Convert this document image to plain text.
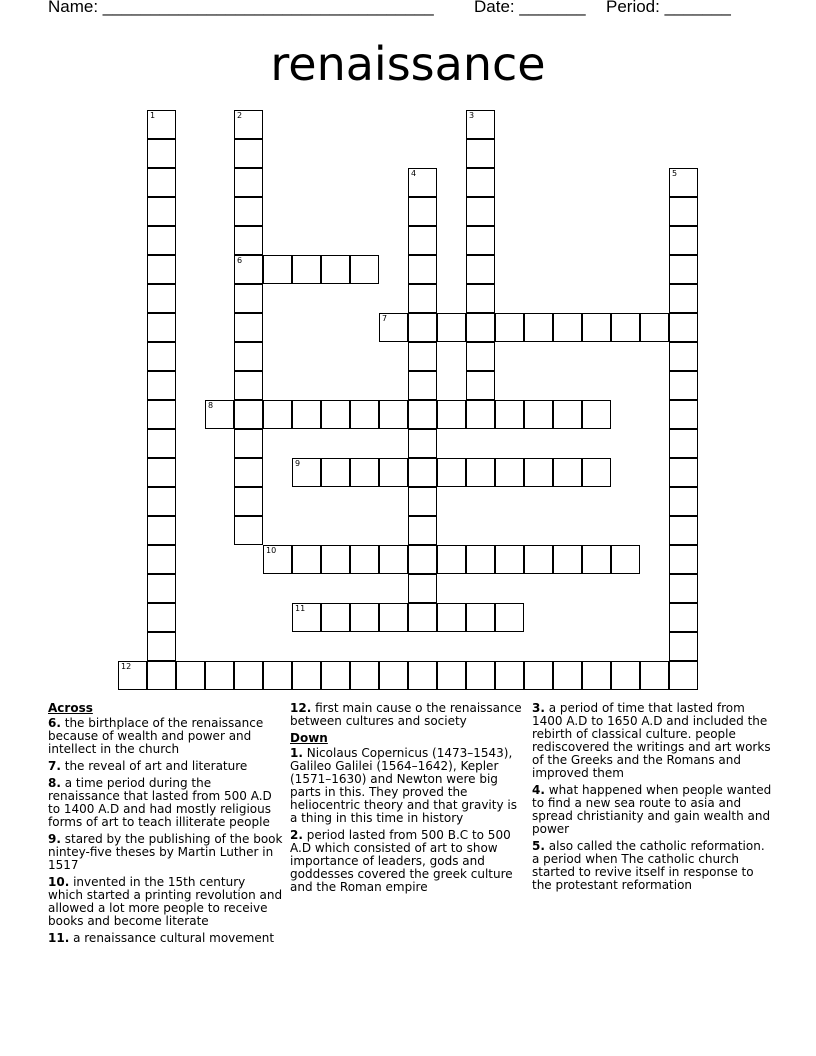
Name: ___________________________________ Date: _______ Period: _______
renaissance
1	2
6
3
4	5
7
8
9
10
11
12
Across
6. the birthplace of the renaissance because of wealth and power and intellect in the church
7. the reveal of art and literature
8. a time period during the renaissance that lasted from 500 A.D to 1400 A.D and had mostly religious forms of art to teach illiterate people
9. stared by the publishing of the book nintey-five theses by Martin Luther in 1517
10. invented in the 15th century which started a printing revolution and allowed a lot more people to receive books and become literate
11. a renaissance cultural movement
12. first main cause o the renaissance between cultures and society
Down
1. Nicolaus Copernicus (1473–1543), Galileo Galilei (1564–1642), Kepler (1571–1630) and Newton were big parts in this. They proved the heliocentric theory and that gravity is a thing in this time in history
2. period lasted from 500 B.C to 500 A.D which consisted of art to show importance of leaders, gods and goddesses covered the greek culture and the Roman empire
3. a period of time that lasted from 1400 A.D to 1650 A.D and included the rebirth of classical culture. people rediscovered the writings and art works of the Greeks and the Romans and improved them
4. what happened when people wanted to find a new sea route to asia and spread christianity and gain wealth and power
5. also called the catholic reformation. a period when The catholic church started to revive itself in response to the protestant reformation
